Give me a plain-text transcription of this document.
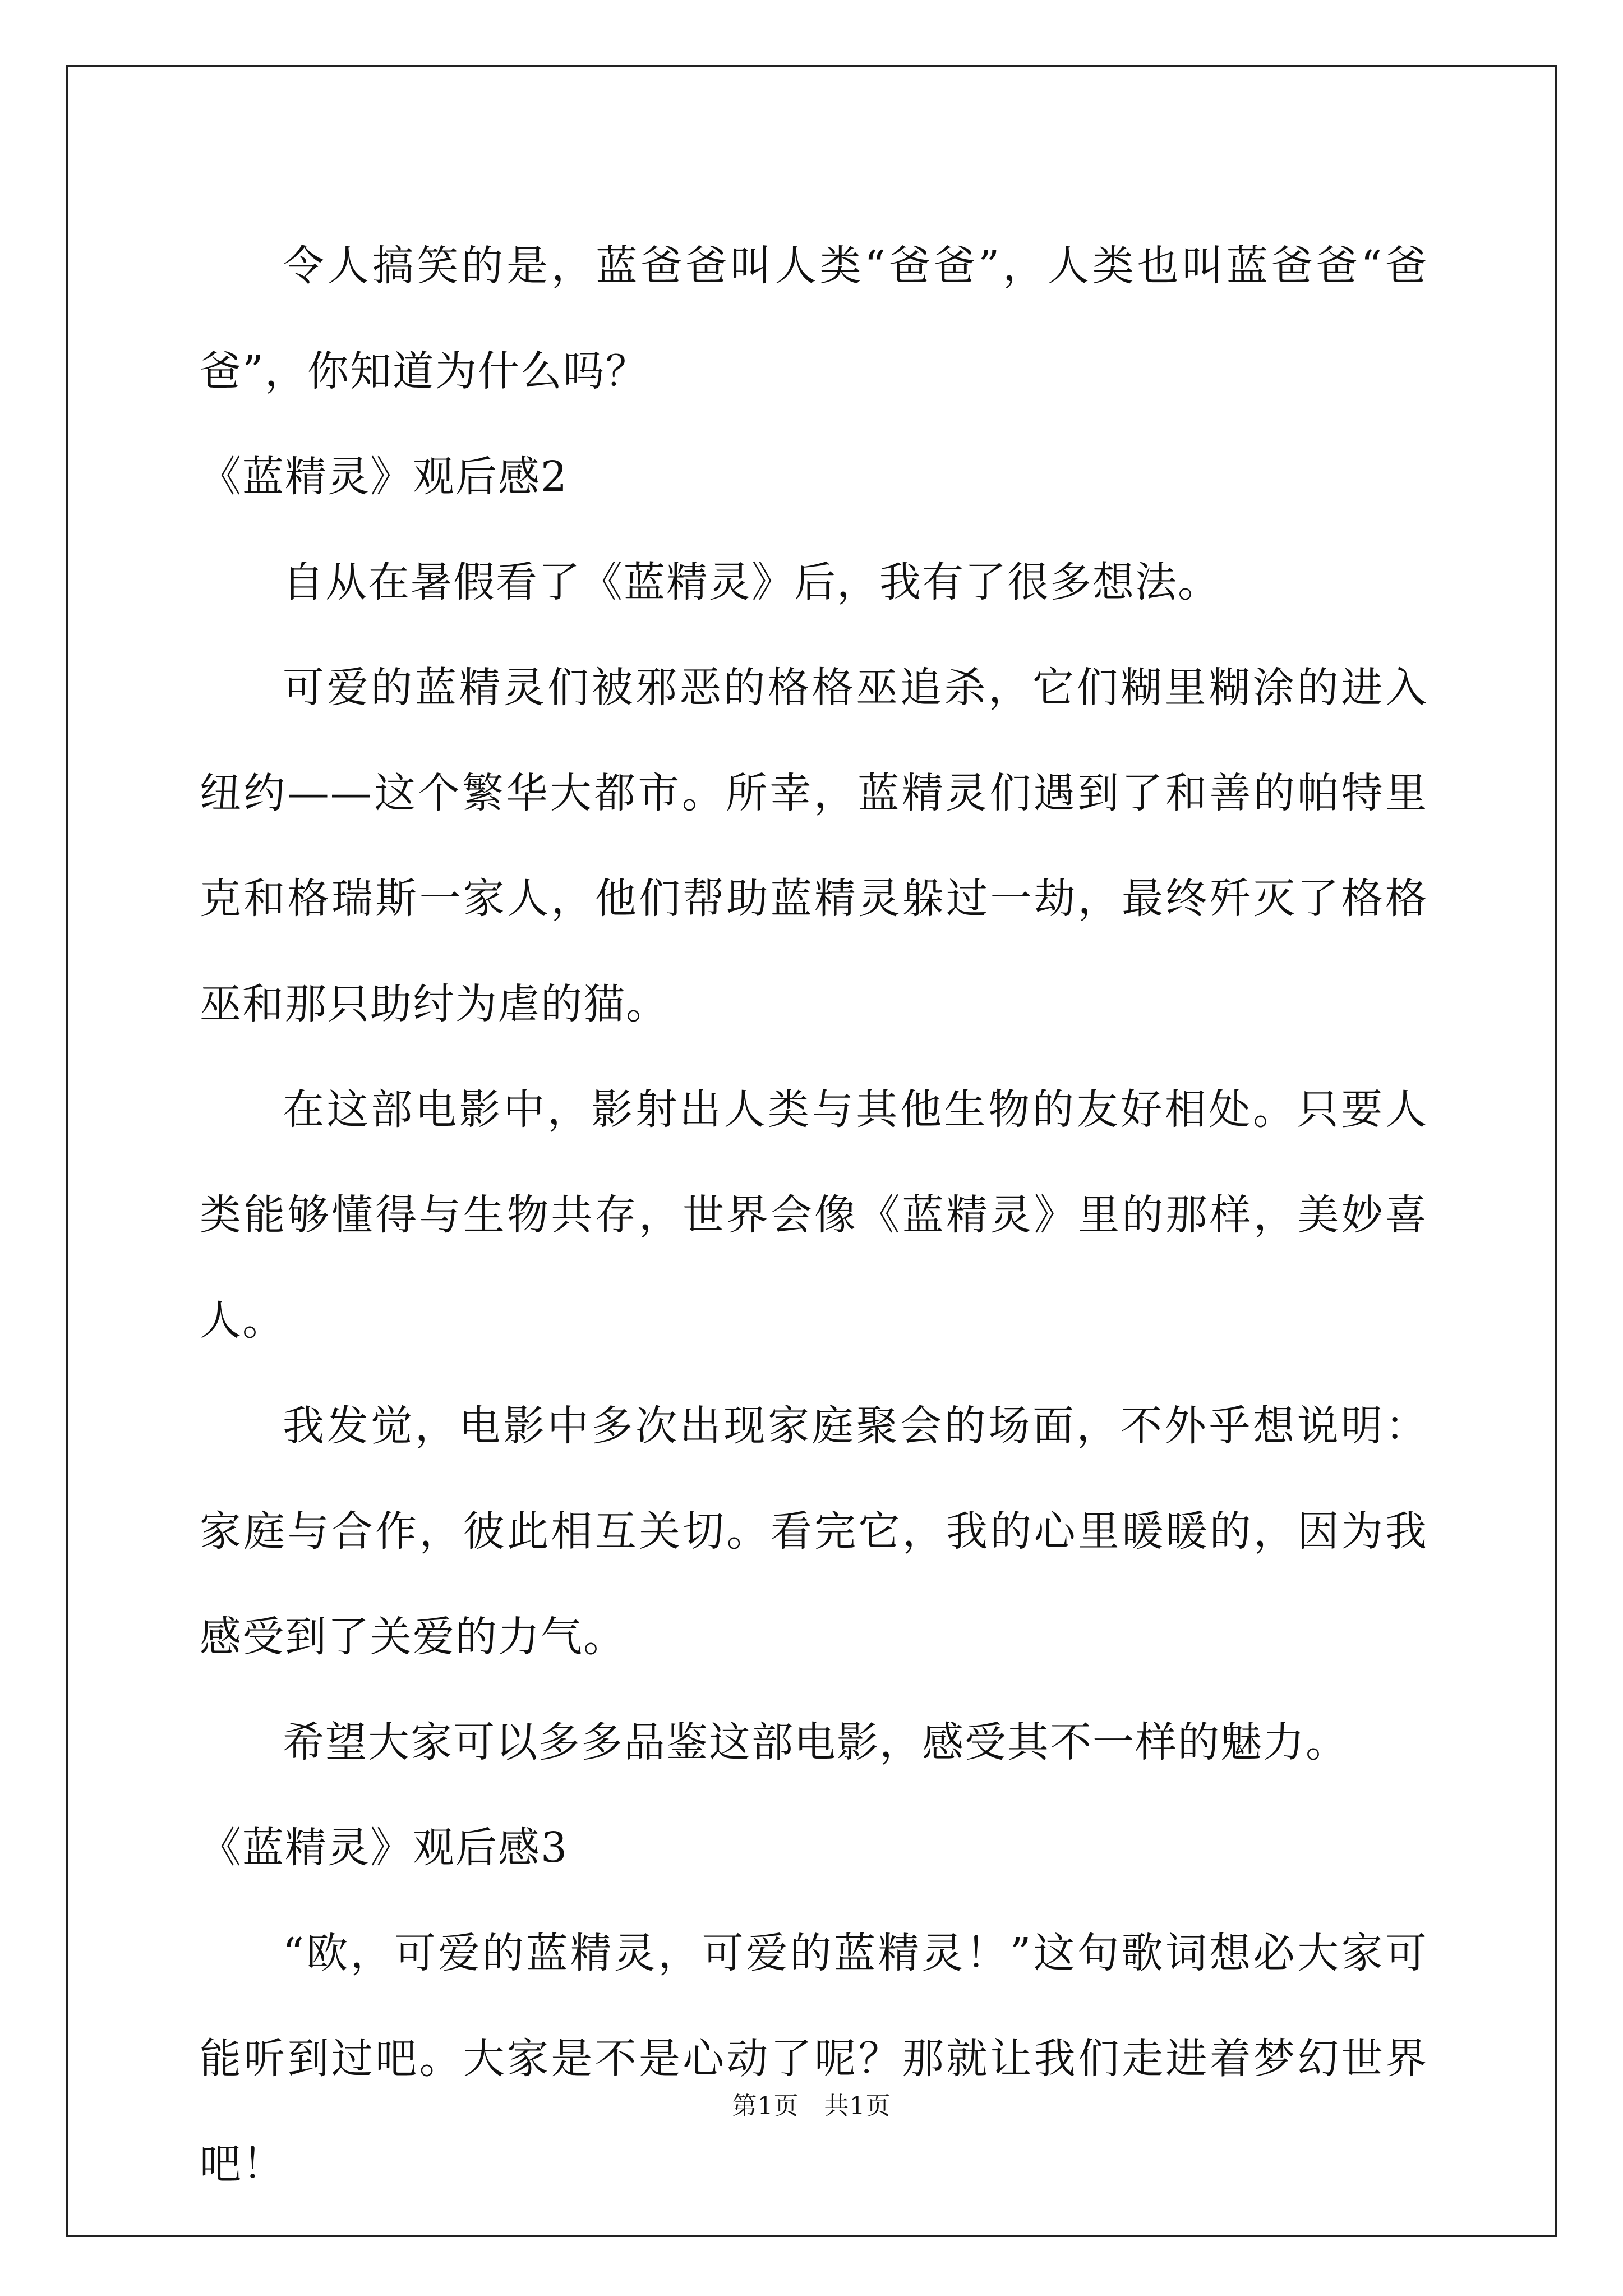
令人搞笑的是，蓝爸爸叫人类“爸爸”，人类也叫蓝爸爸“爸爸”，你知道为什么吗？

《蓝精灵》观后感2

自从在暑假看了《蓝精灵》后，我有了很多想法。

可爱的蓝精灵们被邪恶的格格巫追杀，它们糊里糊涂的进入纽约——这个繁华大都市。所幸，蓝精灵们遇到了和善的帕特里克和格瑞斯一家人，他们帮助蓝精灵躲过一劫，最终歼灭了格格巫和那只助纣为虐的猫。

在这部电影中，影射出人类与其他生物的友好相处。只要人类能够懂得与生物共存，世界会像《蓝精灵》里的那样，美妙喜人。

我发觉，电影中多次出现家庭聚会的场面，不外乎想说明：家庭与合作，彼此相互关切。看完它，我的心里暖暖的，因为我感受到了关爱的力气。

希望大家可以多多品鉴这部电影，感受其不一样的魅力。

《蓝精灵》观后感3

“欧，可爱的蓝精灵，可爱的蓝精灵！”这句歌词想必大家可能听到过吧。大家是不是心动了呢？那就让我们走进着梦幻世界吧！

第1页 共1页
